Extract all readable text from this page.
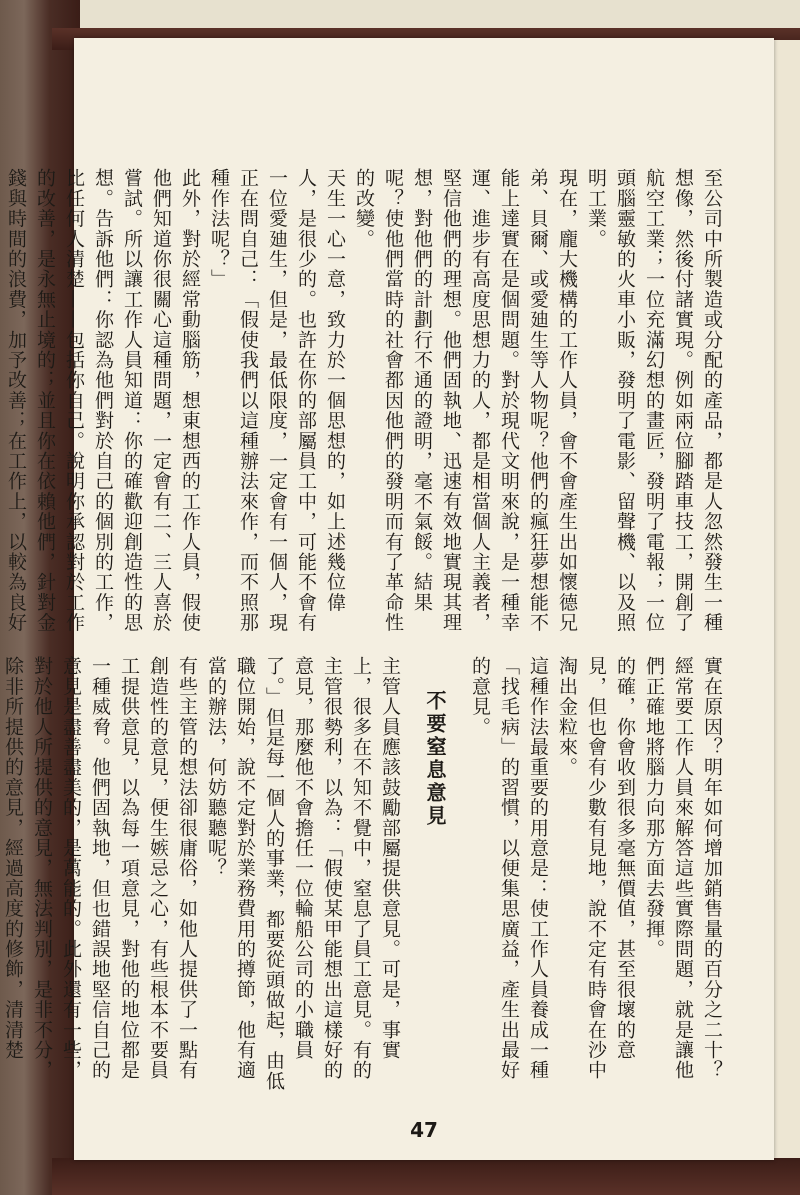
至公司中所製造或分配的產品，都是人忽然發生一種想像，然後付諸實現。例如兩位腳踏車技工，開創了航空工業；一位充滿幻想的畫匠，發明了電報；一位頭腦靈敏的火車小販，發明了電影、留聲機、以及照明工業。

現在，龐大機構的工作人員，會不會產生出如懷德兄弟、貝爾、或愛廸生等人物呢？他們的瘋狂夢想能不能上達實在是個問題。對於現代文明來說，是一種幸運、進步有高度思想力的人，都是相當個人主義者，堅信他們的理想。他們固執地、迅速有效地實現其理想，對他們的計劃行不通的證明，毫不氣餒。結果呢？使他們當時的社會都因他們的發明而有了革命性的改變。

天生一心一意，致力於一個思想的，如上述幾位偉人，是很少的。也許在你的部屬員工中，可能不會有一位愛廸生，但是，最低限度，一定會有一個人，現正在問自己：「假使我們以這種辦法來作，而不照那種作法呢？」

此外，對於經常動腦筋，想東想西的工作人員，假使他們知道你很關心這種問題，一定會有二、三人喜於嘗試。所以讓工作人員知道：你的確歡迎創造性的思想。告訴他們：你認為他們對於自己的個別的工作，比任何人清楚——包括你自己。說明你承認對於工作的改善，是永無止境的；並且你在依賴他們，針對金錢與時間的浪費，加予改善；在工作上，以較為良好

實在原因？明年如何增加銷售量的百分之二十？經常要工作人員來解答這些實際問題，就是讓他們正確地將腦力向那方面去發揮。

的確，你會收到很多毫無價值，甚至很壞的意見，但也會有少數有見地，說不定有時會在沙中淘出金粒來。

這種作法最重要的用意是：使工作人員養成一種「找毛病」的習慣，以便集思廣益，產生出最好的意見。

不要窒息意見

主管人員應該鼓勵部屬提供意見。可是，事實上，很多在不知不覺中，窒息了員工意見。有的主管很勢利，以為：「假使某甲能想出這樣好的意見，那麼他不會擔任一位輪船公司的小職員了。」但是每一個人的事業，都要從頭做起，由低職位開始，說不定對於業務費用的撙節，他有適當的辦法，何妨聽聽呢？

有些主管的想法卻很庸俗，如他人提供了一點有創造性的意見，便生嫉忌之心，有些根本不要員工提供意見，以為每一項意見，對他的地位都是一種威脅。他們固執地，但也錯誤地堅信自己的意見是盡善盡美的，是萬能的。此外還有一些，對於他人所提供的意見，無法判別，是非不分，除非所提供的意見，經過高度的修飾，清清楚

47
